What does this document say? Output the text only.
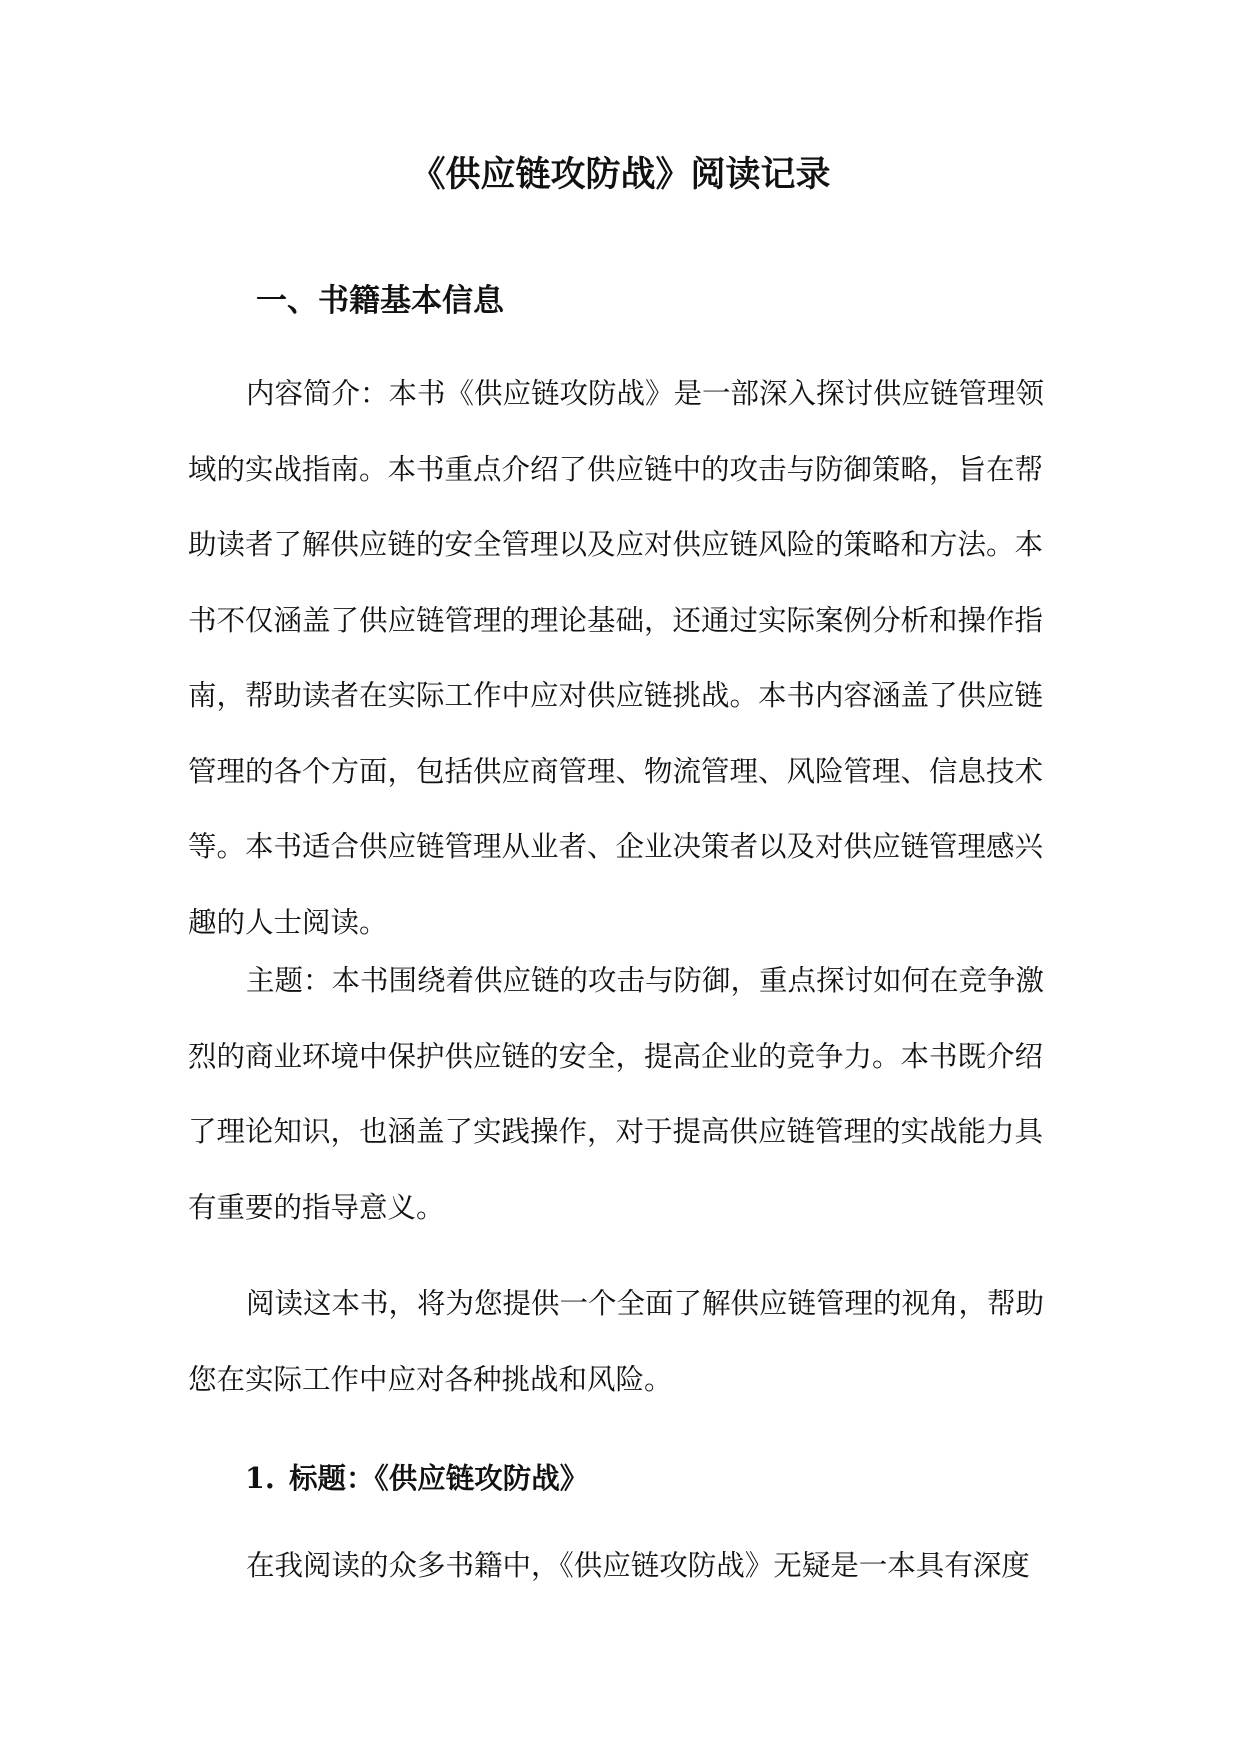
《供应链攻防战》阅读记录
一、书籍基本信息
内容简介：本书《供应链攻防战》是一部深入探讨供应链管理领
域的实战指南。本书重点介绍了供应链中的攻击与防御策略，旨在帮
助读者了解供应链的安全管理以及应对供应链风险的策略和方法。本
书不仅涵盖了供应链管理的理论基础，还通过实际案例分析和操作指
南，帮助读者在实际工作中应对供应链挑战。本书内容涵盖了供应链
管理的各个方面，包括供应商管理、物流管理、风险管理、信息技术
等。本书适合供应链管理从业者、企业决策者以及对供应链管理感兴
趣的人士阅读。
主题：本书围绕着供应链的攻击与防御，重点探讨如何在竞争激
烈的商业环境中保护供应链的安全，提高企业的竞争力。本书既介绍
了理论知识，也涵盖了实践操作，对于提高供应链管理的实战能力具
有重要的指导意义。
阅读这本书，将为您提供一个全面了解供应链管理的视角，帮助
您在实际工作中应对各种挑战和风险。
1. 标题：《供应链攻防战》
在我阅读的众多书籍中，《供应链攻防战》无疑是一本具有深度
